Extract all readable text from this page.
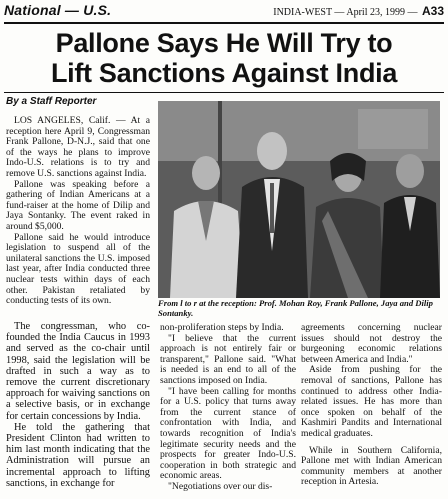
National — U.S.	INDIA-WEST — April 23, 1999 — A33
Pallone Says He Will Try to
Lift Sanctions Against India
By a Staff Reporter

LOS ANGELES, Calif. — At a reception here April 9, Congressman Frank Pallone, D-N.J., said that one of the ways he plans to improve Indo-U.S. relations is to try and remove U.S. sanctions against India.

Pallone was speaking before a gathering of Indian Americans at a fund-raiser at the home of Dilip and Jaya Sontanky. The event raked in around $5,000.

Pallone said he would introduce legislation to suspend all of the unilateral sanctions the U.S. imposed last year, after India conducted three nuclear tests within days of each other. Pakistan retaliated by conducting tests of its own.	From l to r at the reception: Prof. Mohan Roy, Frank Pallone, Jaya and Dilip Sontanky.

The congressman, who co-founded the India Caucus in 1993 and served as the co-chair until 1998, said the legislation will be drafted in such a way as to remove the current discretionary approach for waiving sanctions on a selective basis, or in exchange for certain concessions by India.

He told the gathering that President Clinton had written to him last month indicating that the Administration will pursue an incremental approach to lifting sanctions, in exchange for

non-proliferation steps by India.

"I believe that the current approach is not entirely fair or transparent," Pallone said. "What is needed is an end to all of the sanctions imposed on India.

"I have been calling for months for a U.S. policy that turns away from the current stance of confrontation with India, and towards recognition of India's legitimate security needs and the prospects for greater Indo-U.S. cooperation in both strategic and economic areas.

"Negotiations over our dis-

agreements concerning nuclear issues should not destroy the burgeoning economic relations between America and India."

Aside from pushing for the removal of sanctions, Pallone has continued to address other India-related issues. He has more than once spoken on behalf of the Kashmiri Pandits and International medical graduates.

While in Southern California, Pallone met with Indian American community members at another reception in Artesia.
